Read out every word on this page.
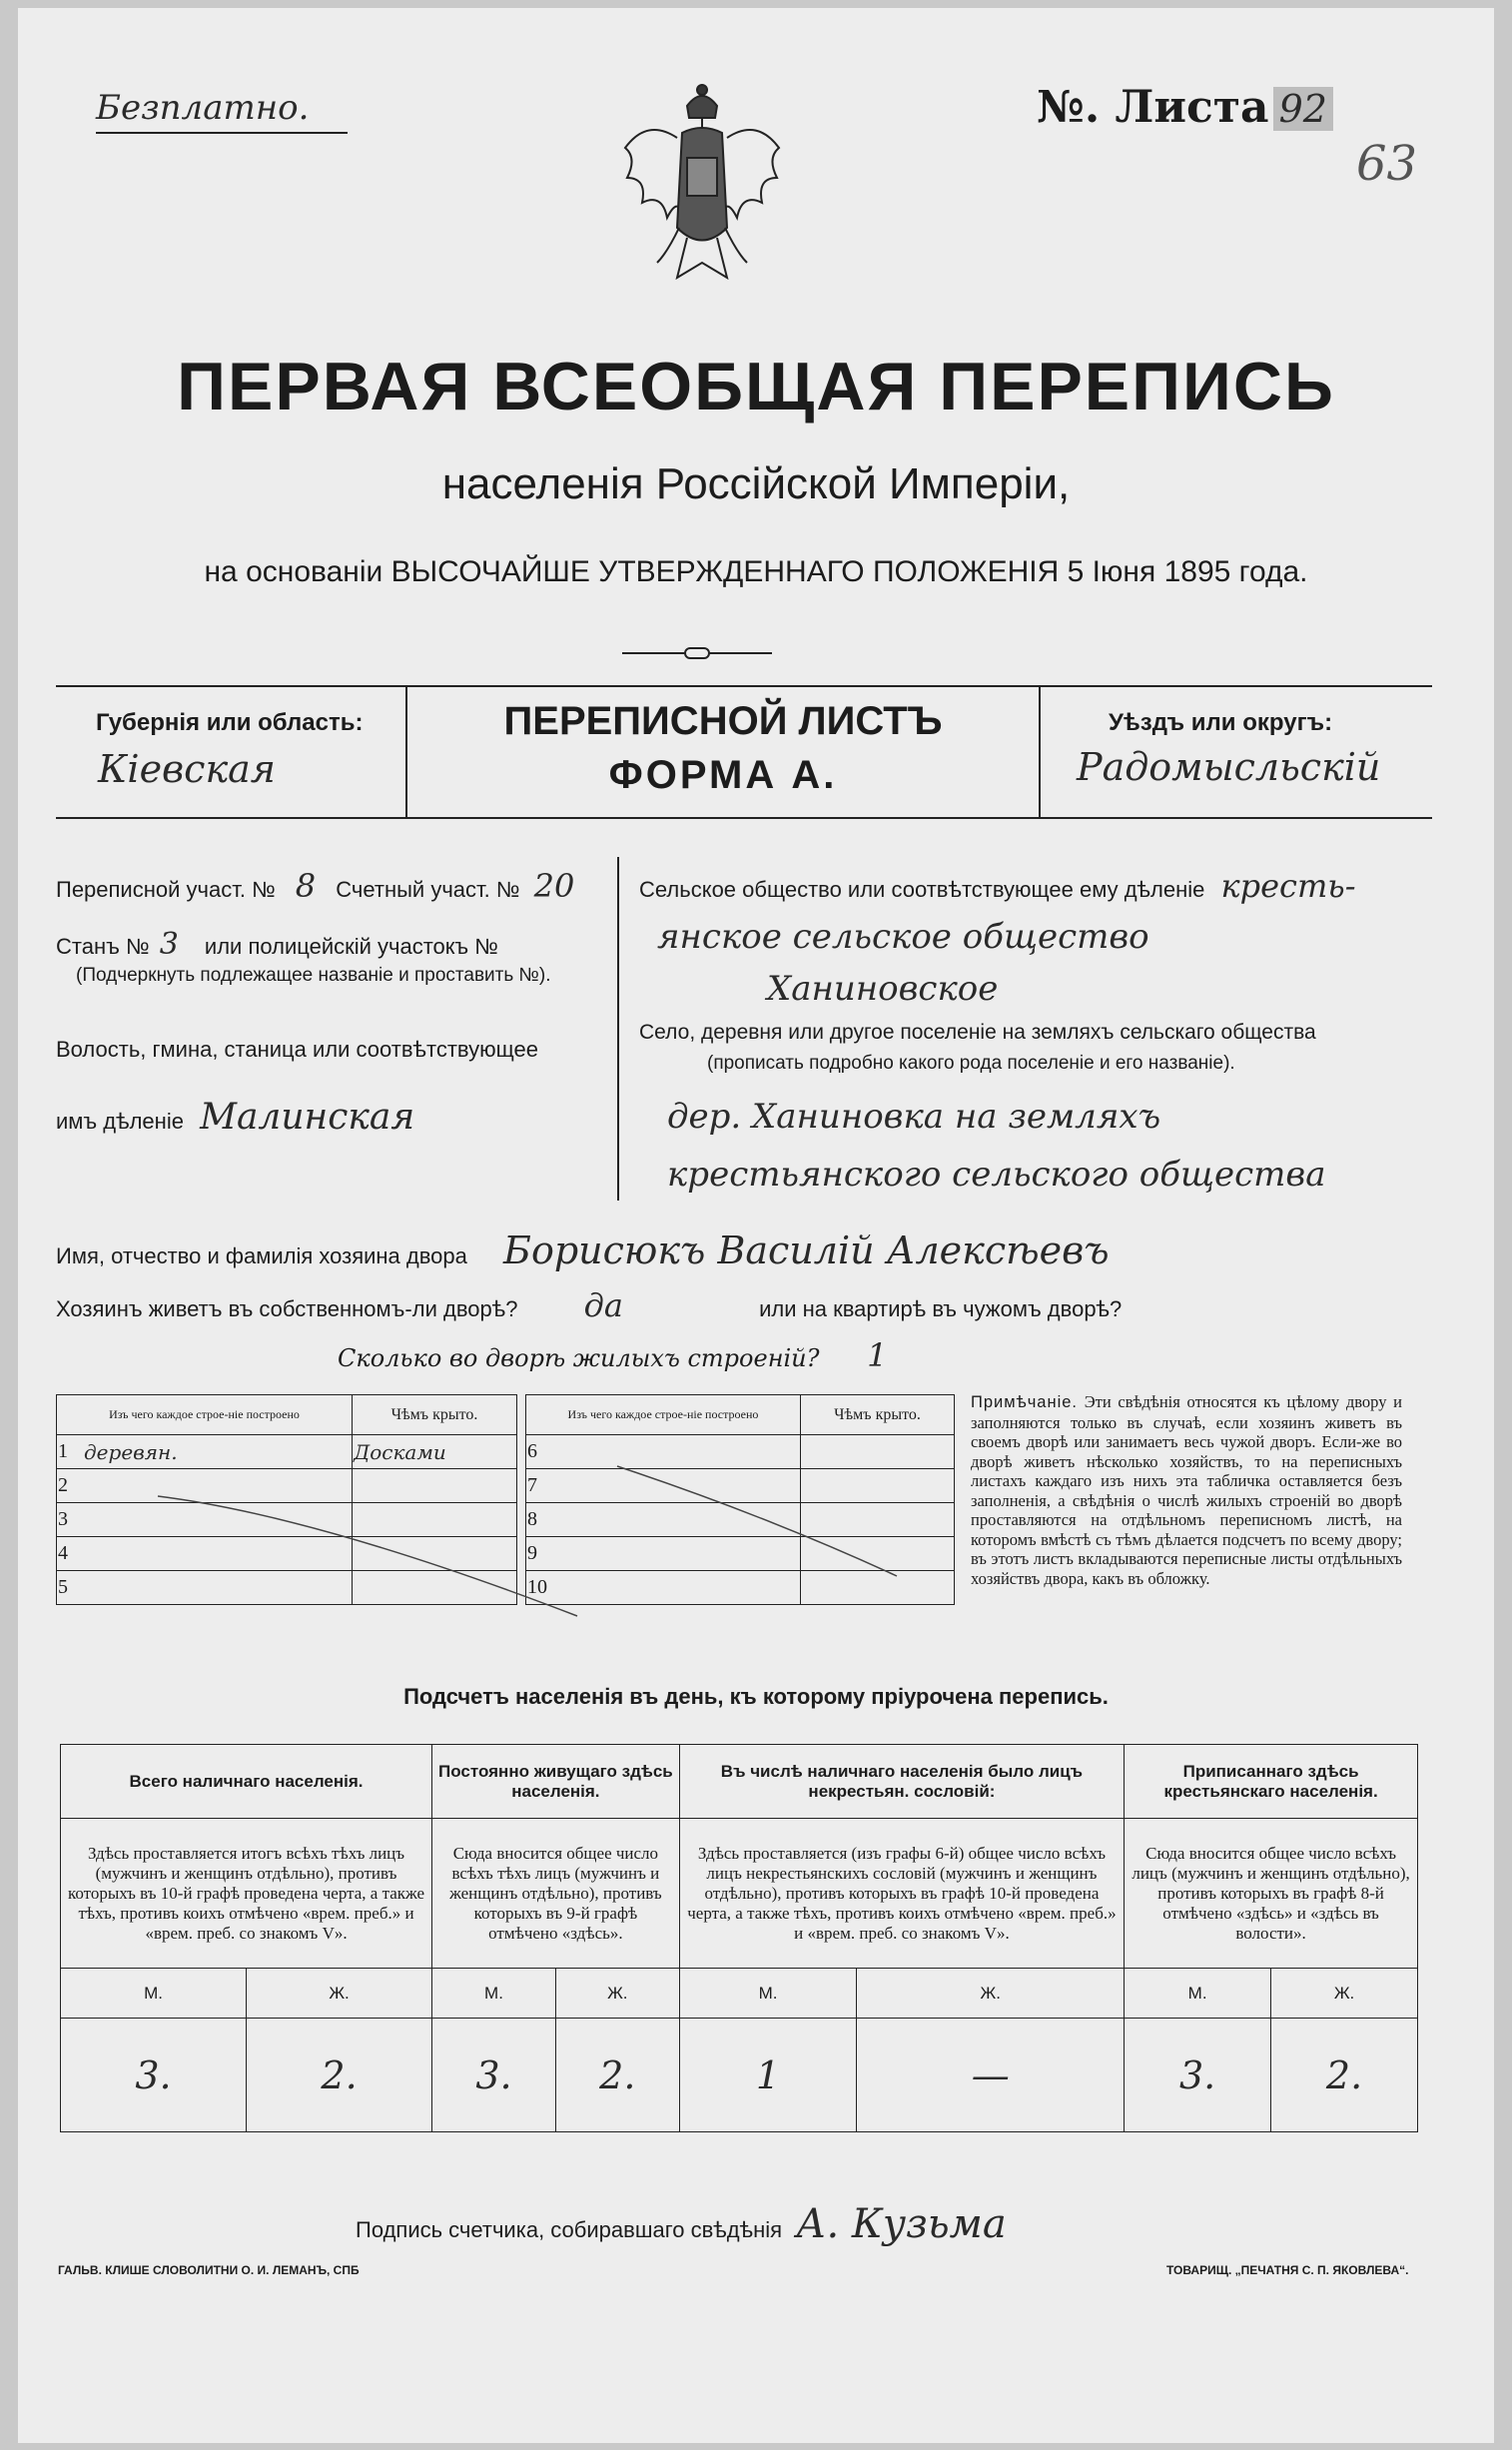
Безплатно.	№. Листа 92
63
ПЕРВАЯ ВСЕОБЩАЯ ПЕРЕПИСЬ
населенія Россійской Имперіи,
на основаніи ВЫСОЧАЙШЕ УТВЕРЖДЕННАГО ПОЛОЖЕНІЯ 5 Іюня 1895 года.
Губернія или область:
Кіевская
ПЕРЕПИСНОЙ ЛИСТЪ
ФОРМА А.
Уѣздъ или округъ:
Радомысльскій
Переписной участ. № 8 Счетный участ. № 20
Станъ № 3 или полицейскій участокъ №
(Подчеркнуть подлежащее названіе и проставить №).
Волость, гмина, станица или соотвѣтствующее
имъ дѣленіе Малинская
Сельское общество или соотвѣтствующее ему дѣленіе кресть-
янское сельское общество
Ханиновское
Село, деревня или другое поселеніе на земляхъ сельскаго общества
(прописать подробно какого рода поселеніе и его названіе).
дер. Ханиновка на земляхъ
крестьянского сельского общества
Имя, отчество и фамилія хозяина двора Борисюкъ Василій Алексѣевъ
Хозяинъ живетъ въ собственномъ-ли дворѣ? да	или на квартирѣ въ чужомъ дворѣ?
Сколько во дворѣ жилыхъ строеній? 1
Изъ чего каждое строе-ніе построено		Чѣмъ крыто.
1	деревян.	Досками
2		
3		
4		
5		
Изъ чего каждое строе-ніе построено		Чѣмъ крыто.
6		
7		
8		
9		
10		
Примѣчаніе. Эти свѣдѣнія относятся къ цѣлому двору и заполняются только въ случаѣ, если хозяинъ живетъ въ своемъ дворѣ или занимаетъ весь чужой дворъ. Если-же во дворѣ живетъ нѣсколько хозяйствъ, то на переписныхъ листахъ каждаго изъ нихъ эта табличка оставляется безъ заполненія, а свѣдѣнія о числѣ жилыхъ строеній во дворѣ проставляются на отдѣльномъ переписномъ листѣ, на которомъ вмѣстѣ съ тѣмъ дѣлается подсчетъ по всему двору; въ этотъ листъ вкладываются переписные листы отдѣльныхъ хозяйствъ двора, какъ въ обложку.
Подсчетъ населенія въ день, къ которому пріурочена перепись.
Всего наличнаго населенія.		Постоянно живущаго здѣсь населенія.		Въ числѣ наличнаго населенія было лицъ некрестьян. сословій:		Приписаннаго здѣсь крестьянскаго населенія.	
Здѣсь проставляется итогъ всѣхъ тѣхъ лицъ (мужчинъ и женщинъ отдѣльно), противъ которыхъ въ 10-й графѣ проведена черта, а также тѣхъ, противъ коихъ отмѣчено «врем. преб.» и «врем. преб. со знакомъ V».		Сюда вносится общее число всѣхъ тѣхъ лицъ (мужчинъ и женщинъ отдѣльно), противъ которыхъ въ 9-й графѣ отмѣчено «здѣсь».		Здѣсь проставляется (изъ графы 6-й) общее число всѣхъ лицъ некрестьянскихъ сословій (мужчинъ и женщинъ отдѣльно), противъ которыхъ въ графѣ 10-й проведена черта, а также тѣхъ, противъ коихъ отмѣчено «врем. преб.» и «врем. преб. со знакомъ V».		Сюда вносится общее число всѣхъ лицъ (мужчинъ и женщинъ отдѣльно), противъ которыхъ въ графѣ 8-й отмѣчено «здѣсь» и «здѣсь въ волости».	
М.	Ж.	М.	Ж.	М.	Ж.	М.	Ж.
3.	2.	3.	2.	1	—	3.	2.
Подпись счетчика, собиравшаго свѣдѣнія А. Кузьма
ГАЛЬВ. КЛИШЕ СЛОВОЛИТНИ О. И. ЛЕМАНЪ, СПБ	ТОВАРИЩ. „ПЕЧАТНЯ С. П. ЯКОВЛЕВА“.
